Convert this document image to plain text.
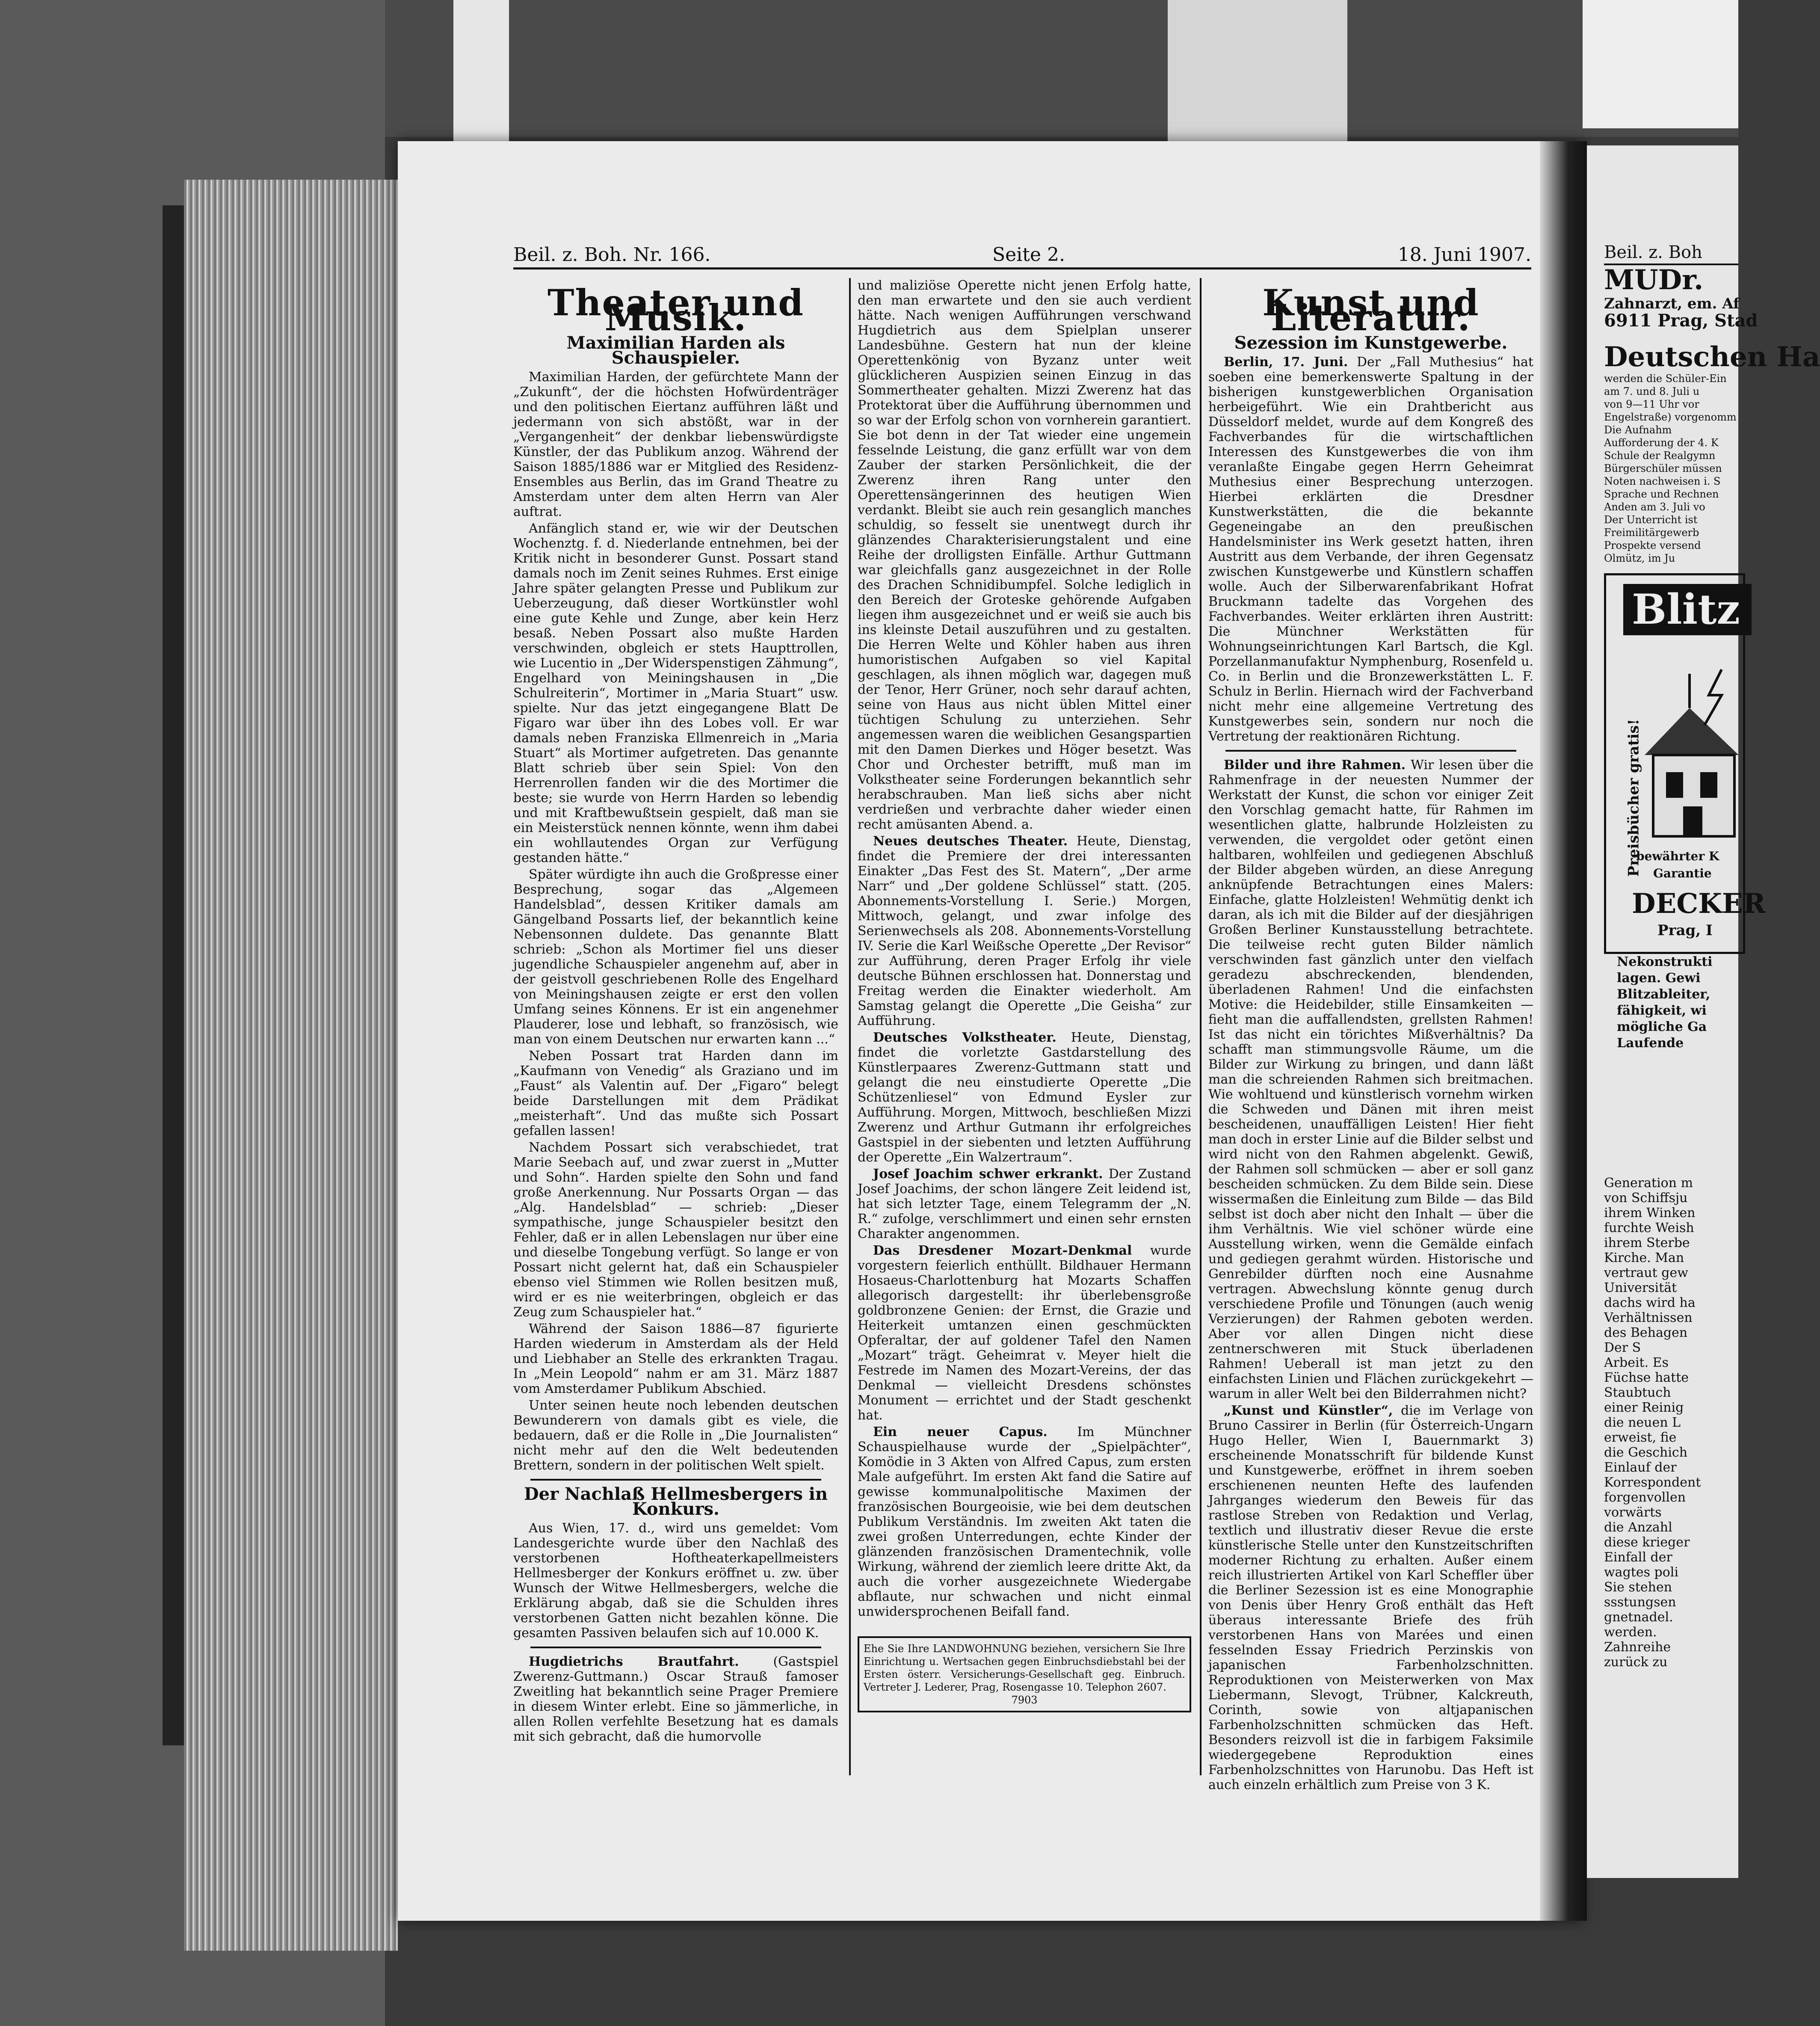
Beil. z. Boh. Nr. 166.	Seite 2.	18. Juni 1907.
Theater und Musik.
Maximilian Harden als Schauspieler.

Maximilian Harden, der gefürchtete Mann der „Zukunft“, der die höchsten Hofwürdenträger und den politischen Eiertanz aufführen läßt und jedermann von sich abstößt, war in der „Vergangenheit“ der denkbar liebenswürdigste Künstler, der das Publikum anzog. Während der Saison 1885/1886 war er Mitglied des Residenz-Ensembles aus Berlin, das im Grand Theatre zu Amsterdam unter dem alten Herrn van Aler auftrat.

Anfänglich stand er, wie wir der Deutschen Wochenztg. f. d. Niederlande entnehmen, bei der Kritik nicht in besonderer Gunst. Possart stand damals noch im Zenit seines Ruhmes. Erst einige Jahre später gelangten Presse und Publikum zur Ueberzeugung, daß dieser Wortkünstler wohl eine gute Kehle und Zunge, aber kein Herz besaß. Neben Possart also mußte Harden verschwinden, obgleich er stets Haupttrollen, wie Lucentio in „Der Widerspenstigen Zähmung“, Engelhard von Meiningshausen in „Die Schulreiterin“, Mortimer in „Maria Stuart“ usw. spielte. Nur das jetzt eingegangene Blatt De Figaro war über ihn des Lobes voll. Er war damals neben Franziska Ellmenreich in „Maria Stuart“ als Mortimer aufgetreten. Das genannte Blatt schrieb über sein Spiel: Von den Herrenrollen fanden wir die des Mortimer die beste; sie wurde von Herrn Harden so lebendig und mit Kraftbewußtsein gespielt, daß man sie ein Meisterstück nennen könnte, wenn ihm dabei ein wohllautendes Organ zur Verfügung gestanden hätte.“

Später würdigte ihn auch die Großpresse einer Besprechung, sogar das „Algemeen Handelsblad“, dessen Kritiker damals am Gängelband Possarts lief, der bekanntlich keine Nebensonnen duldete. Das genannte Blatt schrieb: „Schon als Mortimer fiel uns dieser jugendliche Schauspieler angenehm auf, aber in der geistvoll geschriebenen Rolle des Engelhard von Meiningshausen zeigte er erst den vollen Umfang seines Könnens. Er ist ein angenehmer Plauderer, lose und lebhaft, so französisch, wie man von einem Deutschen nur erwarten kann ...“

Neben Possart trat Harden dann im „Kaufmann von Venedig“ als Graziano und im „Faust“ als Valentin auf. Der „Figaro“ belegt beide Darstellungen mit dem Prädikat „meisterhaft“. Und das mußte sich Possart gefallen lassen!

Nachdem Possart sich verabschiedet, trat Marie Seebach auf, und zwar zuerst in „Mutter und Sohn“. Harden spielte den Sohn und fand große Anerkennung. Nur Possarts Organ — das „Alg. Handelsblad“ — schrieb: „Dieser sympathische, junge Schauspieler besitzt den Fehler, daß er in allen Lebenslagen nur über eine und dieselbe Tongebung verfügt. So lange er von Possart nicht gelernt hat, daß ein Schauspieler ebenso viel Stimmen wie Rollen besitzen muß, wird er es nie weiterbringen, obgleich er das Zeug zum Schauspieler hat.“

Während der Saison 1886—87 figurierte Harden wiederum in Amsterdam als der Held und Liebhaber an Stelle des erkrankten Tragau. In „Mein Leopold“ nahm er am 31. März 1887 vom Amsterdamer Publikum Abschied.

Unter seinen heute noch lebenden deutschen Bewunderern von damals gibt es viele, die bedauern, daß er die Rolle in „Die Journalisten“ nicht mehr auf den die Welt bedeutenden Brettern, sondern in der politischen Welt spielt.

Der Nachlaß Hellmesbergers in Konkurs.

Aus Wien, 17. d., wird uns gemeldet: Vom Landesgerichte wurde über den Nachlaß des verstorbenen Hoftheaterkapellmeisters Hellmesberger der Konkurs eröffnet u. zw. über Wunsch der Witwe Hellmesbergers, welche die Erklärung abgab, daß sie die Schulden ihres verstorbenen Gatten nicht bezahlen könne. Die gesamten Passiven belaufen sich auf 10.000 K.

Hugdietrichs Brautfahrt.	(Gastspiel Zwerenz-Guttmann.) Oscar Strauß famoser Zweitling hat bekanntlich seine Prager Premiere in diesem Winter erlebt. Eine so jämmerliche, in allen Rollen verfehlte Besetzung hat es damals mit sich gebracht, daß die humorvolle

und maliziöse Operette nicht jenen Erfolg hatte, den man erwartete und den sie auch verdient hätte. Nach wenigen Aufführungen verschwand Hugdietrich aus dem Spielplan unserer Landesbühne. Gestern hat nun der kleine Operettenkönig von Byzanz unter weit glücklicheren Auspizien seinen Einzug in das Sommertheater gehalten. Mizzi Zwerenz hat das Protektorat über die Aufführung übernommen und so war der Erfolg schon von vornherein garantiert. Sie bot denn in der Tat wieder eine ungemein fesselnde Leistung, die ganz erfüllt war von dem Zauber der starken Persönlichkeit, die der Zwerenz ihren Rang unter den Operettensängerinnen des heutigen Wien verdankt. Bleibt sie auch rein gesanglich manches schuldig, so fesselt sie unentwegt durch ihr glänzendes Charakterisierungstalent und eine Reihe der drolligsten Einfälle. Arthur Guttmann war gleichfalls ganz ausgezeichnet in der Rolle des Drachen Schnidibumpfel. Solche lediglich in den Bereich der Groteske gehörende Aufgaben liegen ihm ausgezeichnet und er weiß sie auch bis ins kleinste Detail auszuführen und zu gestalten. Die Herren Welte und Köhler haben aus ihren humoristischen Aufgaben so viel Kapital geschlagen, als ihnen möglich war, dagegen muß der Tenor, Herr Grüner, noch sehr darauf achten, seine von Haus aus nicht üblen Mittel einer tüchtigen Schulung zu unterziehen. Sehr angemessen waren die weiblichen Gesangspartien mit den Damen Dierkes und Höger besetzt. Was Chor und Orchester betrifft, muß man im Volkstheater seine Forderungen bekanntlich sehr herabschrauben. Man ließ sichs aber nicht verdrießen und verbrachte daher wieder einen recht amüsanten Abend. a.

Neues deutsches Theater. Heute, Dienstag, findet die Premiere der drei interessanten Einakter „Das Fest des St. Matern“, „Der arme Narr“ und „Der goldene Schlüssel“ statt. (205. Abonnements-Vorstellung I. Serie.) Morgen, Mittwoch, gelangt, und zwar infolge des Serienwechsels als 208. Abonnements-Vorstellung IV. Serie die Karl Weißsche Operette „Der Revisor“ zur Aufführung, deren Prager Erfolg ihr viele deutsche Bühnen erschlossen hat. Donnerstag und Freitag werden die Einakter wiederholt. Am Samstag gelangt die Operette „Die Geisha“ zur Aufführung.

Deutsches Volkstheater. Heute, Dienstag, findet die vorletzte Gastdarstellung des Künstlerpaares Zwerenz-Guttmann statt und gelangt die neu einstudierte Operette „Die Schützenliesel“ von Edmund Eysler zur Aufführung. Morgen, Mittwoch, beschließen Mizzi Zwerenz und Arthur Gutmann ihr erfolgreiches Gastspiel in der siebenten und letzten Aufführung der Operette „Ein Walzertraum“.

Josef Joachim schwer erkrankt. Der Zustand Josef Joachims, der schon längere Zeit leidend ist, hat sich letzter Tage, einem Telegramm der „N. R.“ zufolge, verschlimmert und einen sehr ernsten Charakter angenommen.

Das Dresdener Mozart-Denkmal wurde vorgestern feierlich enthüllt. Bildhauer Hermann Hosaeus-Charlottenburg hat Mozarts Schaffen allegorisch dargestellt: ihr überlebensgroße goldbronzene Genien: der Ernst, die Grazie und Heiterkeit umtanzen einen geschmückten Opferaltar, der auf goldener Tafel den Namen „Mozart“ trägt. Geheimrat v. Meyer hielt die Festrede im Namen des Mozart-Vereins, der das Denkmal — vielleicht Dresdens schönstes Monument — errichtet und der Stadt geschenkt hat.

Ein neuer Capus. Im Münchner Schauspielhause wurde der „Spielpächter“, Komödie in 3 Akten von Alfred Capus, zum ersten Male aufgeführt. Im ersten Akt fand die Satire auf gewisse kommunalpolitische Maximen der französischen Bourgeoisie, wie bei dem deutschen Publikum Verständnis. Im zweiten Akt taten die zwei großen Unterredungen, echte Kinder der glänzenden französischen Dramentechnik, volle Wirkung, während der ziemlich leere dritte Akt, da auch die vorher ausgezeichnete Wiedergabe abflaute, nur schwachen und nicht einmal unwidersprochenen Beifall fand.

Ehe Sie Ihre LANDWOHNUNG beziehen, versichern Sie Ihre Einrichtung u. Wertsachen gegen Einbruchsdiebstahl bei der Ersten österr. Versicherungs-Gesellschaft geg. Einbruch. Vertreter J. Lederer, Prag, Rosengasse 10. Telephon 2607.
7903
Kunst und Literatur.
Sezession im Kunstgewerbe.

Berlin, 17. Juni. Der „Fall Muthesius“ hat soeben eine bemerkenswerte Spaltung in der bisherigen kunstgewerblichen Organisation herbeigeführt. Wie ein Drahtbericht aus Düsseldorf meldet, wurde auf dem Kongreß des Fachverbandes für die wirtschaftlichen Interessen des Kunstgewerbes die von ihm veranlaßte Eingabe gegen Herrn Geheimrat Muthesius einer Besprechung unterzogen. Hierbei erklärten die Dresdner Kunstwerkstätten, die die bekannte Gegeneingabe an den preußischen Handelsminister ins Werk gesetzt hatten, ihren Austritt aus dem Verbande, der ihren Gegensatz zwischen Kunstgewerbe und Künstlern schaffen wolle. Auch der Silberwarenfabrikant Hofrat Bruckmann tadelte das Vorgehen des Fachverbandes. Weiter erklärten ihren Austritt: Die Münchner Werkstätten für Wohnungseinrichtungen Karl Bartsch, die Kgl. Porzellanmanufaktur Nymphenburg, Rosenfeld u. Co. in Berlin und die Bronzewerkstätten L. F. Schulz in Berlin. Hiernach wird der Fachverband nicht mehr eine allgemeine Vertretung des Kunstgewerbes sein, sondern nur noch die Vertretung der reaktionären Richtung.

Bilder und ihre Rahmen. Wir lesen über die Rahmenfrage in der neuesten Nummer der Werkstatt der Kunst, die schon vor einiger Zeit den Vorschlag gemacht hatte, für Rahmen im wesentlichen glatte, halbrunde Holzleisten zu verwenden, die vergoldet oder getönt einen haltbaren, wohlfeilen und gediegenen Abschluß der Bilder abgeben würden, an diese Anregung anknüpfende Betrachtungen eines Malers: Einfache, glatte Holzleisten! Wehmütig denkt ich daran, als ich mit die Bilder auf der diesjährigen Großen Berliner Kunstausstellung betrachtete. Die teilweise recht guten Bilder nämlich verschwinden fast gänzlich unter den vielfach geradezu abschreckenden, blendenden, überladenen Rahmen! Und die einfachsten Motive: die Heidebilder, stille Einsamkeiten — fieht man die auffallendsten, grellsten Rahmen! Ist das nicht ein törichtes Mißverhältnis? Da schafft man stimmungsvolle Räume, um die Bilder zur Wirkung zu bringen, und dann läßt man die schreienden Rahmen sich breitmachen. Wie wohltuend und künstlerisch vornehm wirken die Schweden und Dänen mit ihren meist bescheidenen, unauffälligen Leisten! Hier fieht man doch in erster Linie auf die Bilder selbst und wird nicht von den Rahmen abgelenkt. Gewiß, der Rahmen soll schmücken — aber er soll ganz bescheiden schmücken. Zu dem Bilde sein. Diese wissermaßen die Einleitung zum Bilde — das Bild selbst ist doch aber nicht den Inhalt — über die ihm Verhältnis. Wie viel schöner würde eine Ausstellung wirken, wenn die Gemälde einfach und gediegen gerahmt würden. Historische und Genrebilder dürften noch eine Ausnahme vertragen. Abwechslung könnte genug durch verschiedene Profile und Tönungen (auch wenig Verzierungen) der Rahmen geboten werden. Aber vor allen Dingen nicht diese zentnerschweren mit Stuck überladenen Rahmen! Ueberall ist man jetzt zu den einfachsten Linien und Flächen zurückgekehrt — warum in aller Welt bei den Bilderrahmen nicht?

„Kunst und Künstler“, die im Verlage von Bruno Cassirer in Berlin (für Österreich-Ungarn Hugo Heller, Wien I, Bauernmarkt 3) erscheinende Monatsschrift für bildende Kunst und Kunstgewerbe, eröffnet in ihrem soeben erschienenen neunten Hefte des laufenden Jahrganges wiederum den Beweis für das rastlose Streben von Redaktion und Verlag, textlich und illustrativ dieser Revue die erste künstlerische Stelle unter den Kunstzeitschriften moderner Richtung zu erhalten. Außer einem reich illustrierten Artikel von Karl Scheffler über die Berliner Sezession ist es eine Monographie von Denis über Henry Groß enthält das Heft überaus interessante Briefe des früh verstorbenen Hans von Marées und einen fesselnden Essay Friedrich Perzinskis von japanischen Farbenholzschnitten. Reproduktionen von Meisterwerken von Max Liebermann, Slevogt, Trübner, Kalckreuth, Corinth, sowie von altjapanischen Farbenholzschnitten schmücken das Heft. Besonders reizvoll ist die in farbigem Faksimile wiedergegebene Reproduktion eines Farbenholzschnittes von Harunobu. Das Heft ist auch einzeln erhältlich zum Preise von 3 K.

Beil. z. Boh
MUDr.
Zahnarzt, em. Af
6911 Prag, Stad
Deutschen Ha
werden die Schüler-Ein
am 7. und 8. Juli u
von 9—11 Uhr vor
Engelstraße) vorgenomm
Die Aufnahm
Aufforderung der 4. K
Schule der Realgymn
Bürgerschüler müssen
Noten nachweisen i. S
Sprache und Rechnen
Anden am 3. Juli vo
Der Unterricht ist
Freimilitärgewerb
Prospekte versend
Olmütz, im Ju
Blitz
Preisbücher gratis!
bewährter K
Garantie
DECKER
Prag, I
Nekonstrukti
lagen. Gewi
Blitzableiter,
fähigkeit, wi
mögliche Ga
Laufende
Generation m
von Schiffsju
ihrem Winken
furchte Weish
ihrem Sterbe
Kirche. Man
vertraut gew
Universität
dachs wird ha
Verhältnissen
des Behagen
Der S
Arbeit. Es
Füchse hatte
Staubtuch
einer Reinig
die neuen L
erweist, fie
die Geschich
Einlauf der
Korrespondent
forgenvollen
vorwärts
die Anzahl
diese krieger
Einfall der
wagtes poli
Sie stehen
ssstungsen
gnetnadel.
werden.
Zahnreihe
zurück zu
